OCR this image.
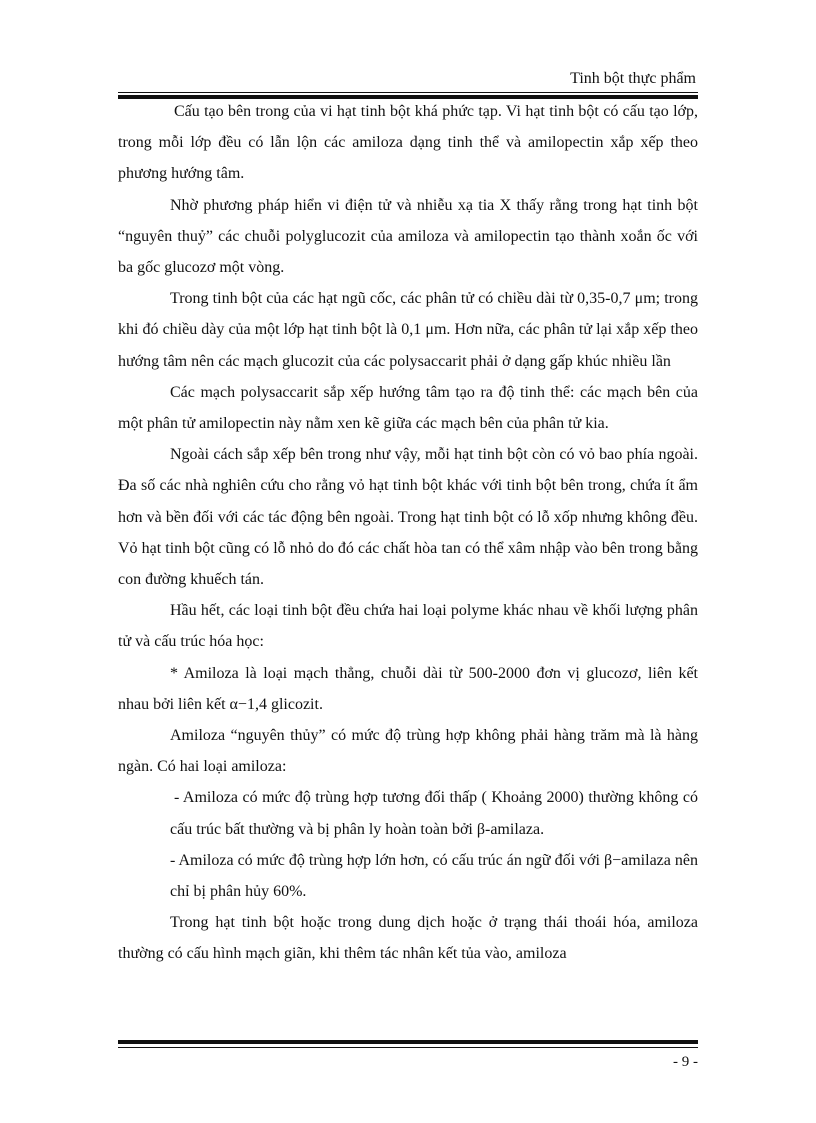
Tinh bột thực phẩm

Cấu tạo bên trong của vi hạt tinh bột khá phức tạp. Vi hạt tinh bột có cấu tạo lớp, trong mỗi lớp đều có lẫn lộn các amiloza dạng tinh thể và amilopectin xắp xếp theo phương hướng tâm.

Nhờ phương pháp hiển vi điện tử và nhiễu xạ tia X thấy rằng trong hạt tinh bột “nguyên thuỷ” các chuỗi polyglucozit của amiloza và amilopectin tạo thành xoắn ốc với ba gốc glucozơ một vòng.

Trong tinh bột của các hạt ngũ cốc, các phân tử có chiều dài từ 0,35-0,7 μm; trong khi đó chiều dày của một lớp hạt tinh bột là 0,1 μm. Hơn nữa, các phân tử lại xắp xếp theo hướng tâm nên các mạch glucozit của các polysaccarit phải ở dạng gấp khúc nhiều lần

Các mạch polysaccarit sắp xếp hướng tâm tạo ra độ tinh thể: các mạch bên của một phân tử amilopectin này nằm xen kẽ giữa các mạch bên của phân tử kia.

Ngoài cách sắp xếp bên trong như vậy, mỗi hạt tinh bột còn có vỏ bao phía ngoài. Đa số các nhà nghiên cứu cho rằng vỏ hạt tinh bột khác với tinh bột bên trong, chứa ít ẩm hơn và bền đối với các tác động bên ngoài. Trong hạt tinh bột có lỗ xốp nhưng không đều. Vỏ hạt tinh bột cũng có lỗ nhỏ do đó các chất hòa tan có thể xâm nhập vào bên trong bằng con đường khuếch tán.

Hầu hết, các loại tinh bột đều chứa hai loại polyme khác nhau về khối lượng phân tử và cấu trúc hóa học:

* Amiloza là loại mạch thẳng, chuỗi dài từ 500-2000 đơn vị glucozơ, liên kết nhau bởi liên kết α−1,4 glicozit.

Amiloza “nguyên thủy” có mức độ trùng hợp không phải hàng trăm mà là hàng ngàn. Có hai loại amiloza:

- Amiloza có mức độ trùng hợp tương đối thấp ( Khoảng 2000) thường không có cấu trúc bất thường và bị phân ly hoàn toàn bởi β-amilaza.

- Amiloza có mức độ trùng hợp lớn hơn, có cấu trúc án ngữ đối với β−amilaza nên chỉ bị phân hủy 60%.

Trong hạt tinh bột hoặc trong dung dịch hoặc ở trạng thái thoái hóa, amiloza thường có cấu hình mạch giãn, khi thêm tác nhân kết tủa vào, amiloza

- 9 -
